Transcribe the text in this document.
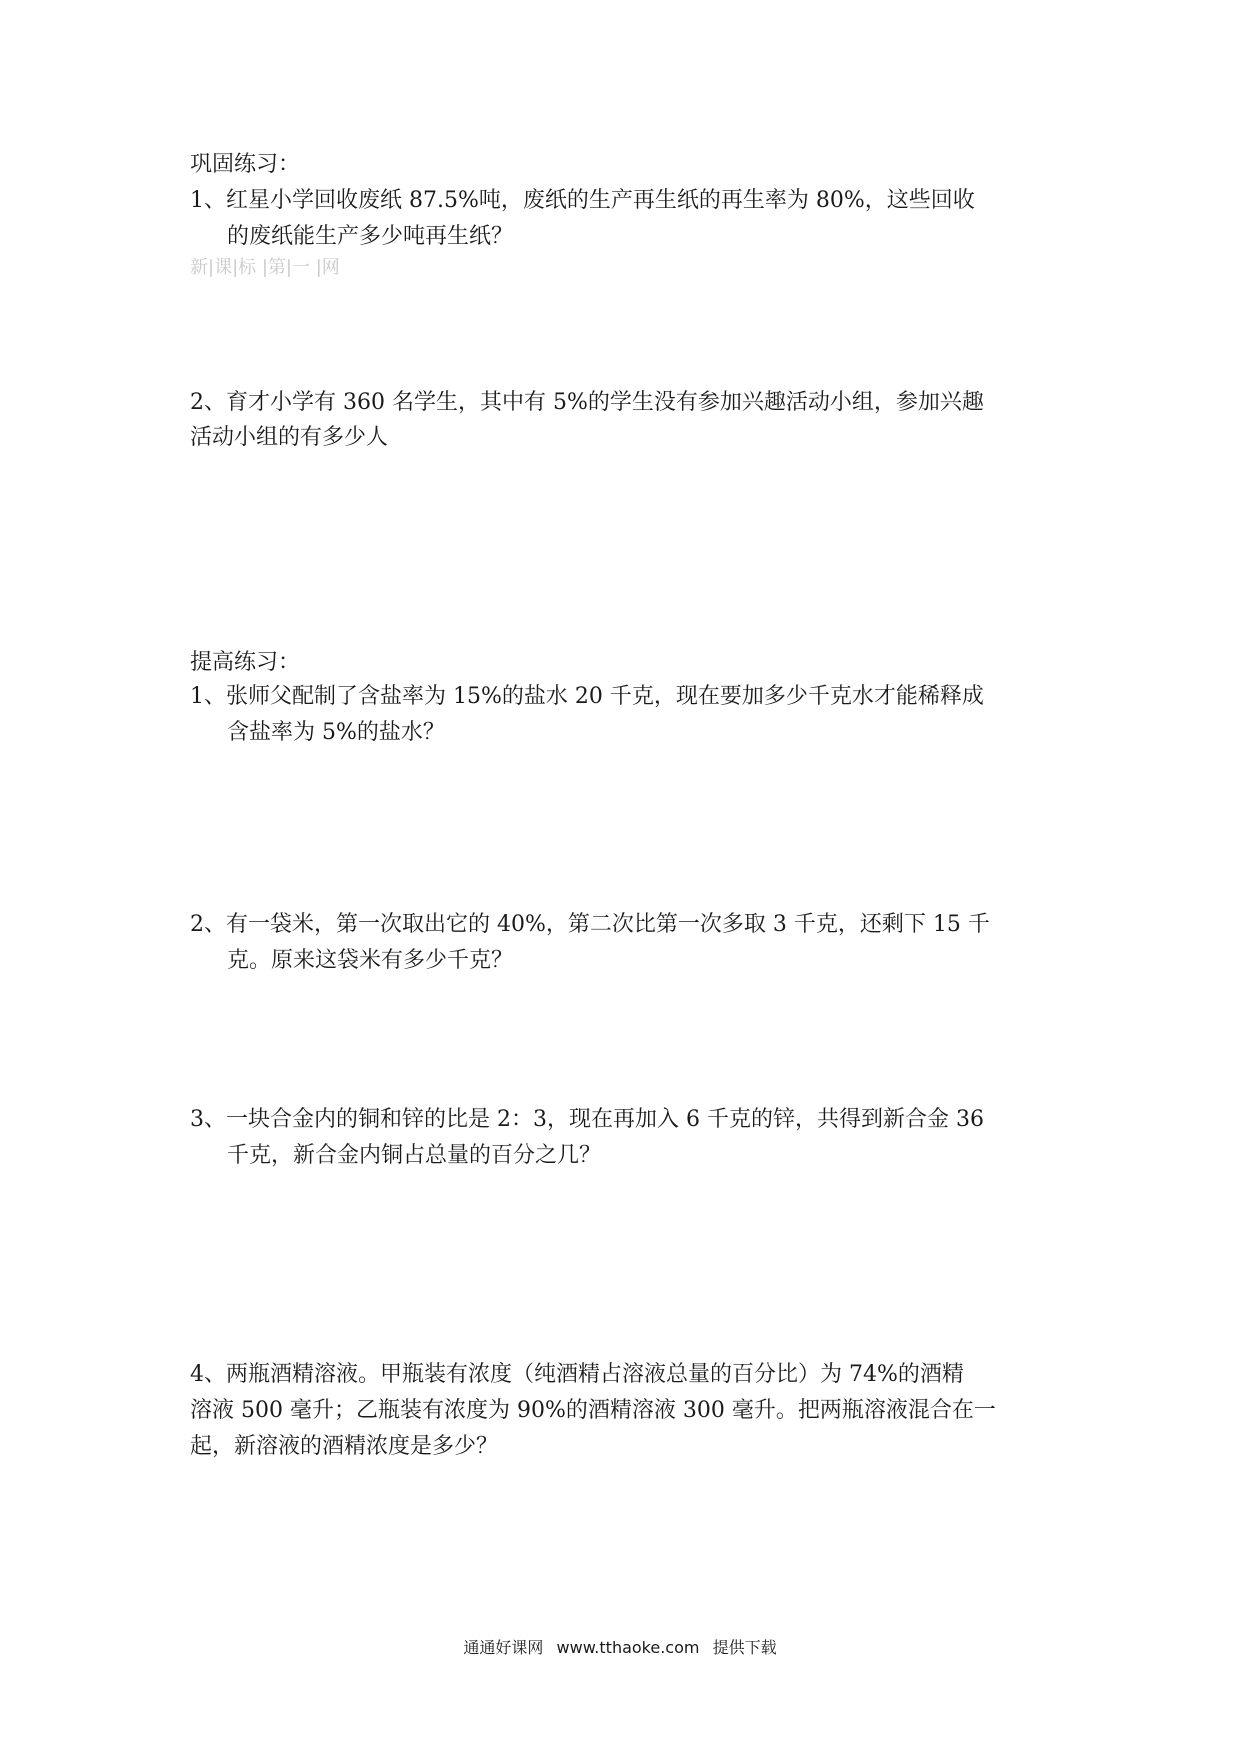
巩固练习：
1、红星小学回收废纸 87.5%吨，废纸的生产再生纸的再生率为 80%，这些回收
的废纸能生产多少吨再生纸？
新|课|标 |第|一 |网
2、育才小学有 360 名学生，其中有 5%的学生没有参加兴趣活动小组，参加兴趣
活动小组的有多少人
提高练习：
1、张师父配制了含盐率为 15%的盐水 20 千克，现在要加多少千克水才能稀释成
含盐率为 5%的盐水？
2、有一袋米，第一次取出它的 40%，第二次比第一次多取 3 千克，还剩下 15 千
克。原来这袋米有多少千克？
3、一块合金内的铜和锌的比是 2：3，现在再加入 6 千克的锌，共得到新合金 36
千克，新合金内铜占总量的百分之几？
4、两瓶酒精溶液。甲瓶装有浓度（纯酒精占溶液总量的百分比）为 74%的酒精
溶液 500 毫升；乙瓶装有浓度为 90%的酒精溶液 300 毫升。把两瓶溶液混合在一
起，新溶液的酒精浓度是多少？
通通好课网 www.tthaoke.com 提供下载
